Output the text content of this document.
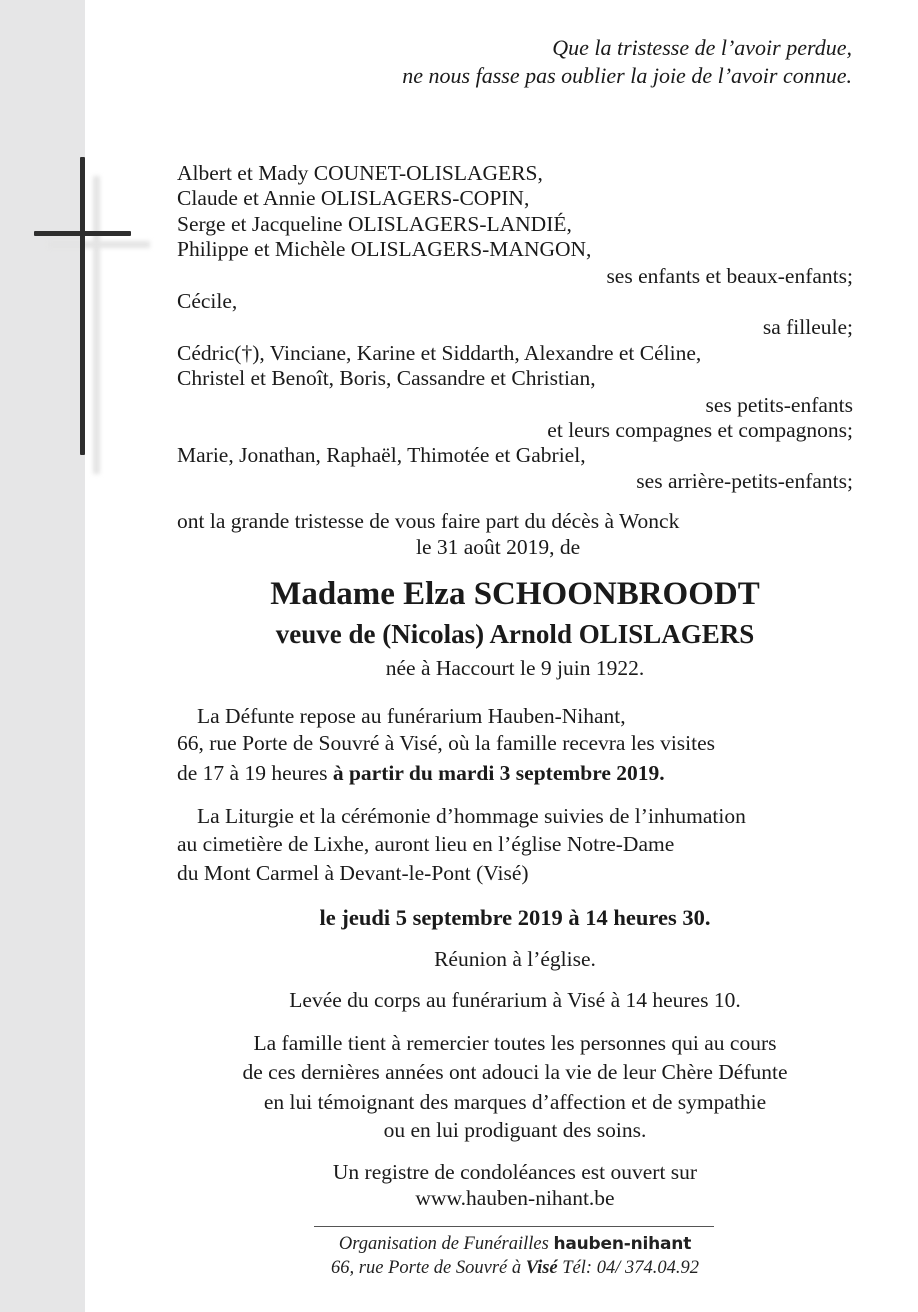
Que la tristesse de l’avoir perdue,
ne nous fasse pas oublier la joie de l’avoir connue.
Albert et Mady COUNET-OLISLAGERS,
Claude et Annie OLISLAGERS-COPIN,
Serge et Jacqueline OLISLAGERS-LANDIÉ,
Philippe et Michèle OLISLAGERS-MANGON,
ses enfants et beaux-enfants;
Cécile,
sa filleule;
Cédric(†), Vinciane, Karine et Siddarth, Alexandre et Céline,
Christel et Benoît, Boris, Cassandre et Christian,
ses petits-enfants
et leurs compagnes et compagnons;
Marie, Jonathan, Raphaël, Thimotée et Gabriel,
ses arrière-petits-enfants;
ont la grande tristesse de vous faire part du décès à Wonck
le 31 août 2019, de
Madame Elza SCHOONBROODT
veuve de (Nicolas) Arnold OLISLAGERS
née à Haccourt le 9 juin 1922.
La Défunte repose au funérarium Hauben-Nihant,
66, rue Porte de Souvré à Visé, où la famille recevra les visites
de 17 à 19 heures à partir du mardi 3 septembre 2019.
La Liturgie et la cérémonie d’hommage suivies de l’inhumation
au cimetière de Lixhe, auront lieu en l’église Notre-Dame
du Mont Carmel à Devant-le-Pont (Visé)
le jeudi 5 septembre 2019 à 14 heures 30.
Réunion à l’église.
Levée du corps au funérarium à Visé à 14 heures 10.
La famille tient à remercier toutes les personnes qui au cours
de ces dernières années ont adouci la vie de leur Chère Défunte
en lui témoignant des marques d’affection et de sympathie
ou en lui prodiguant des soins.
Un registre de condoléances est ouvert sur
www.hauben-nihant.be
Organisation de Funérailles hauben-nihant
66, rue Porte de Souvré à Visé Tél: 04/ 374.04.92
